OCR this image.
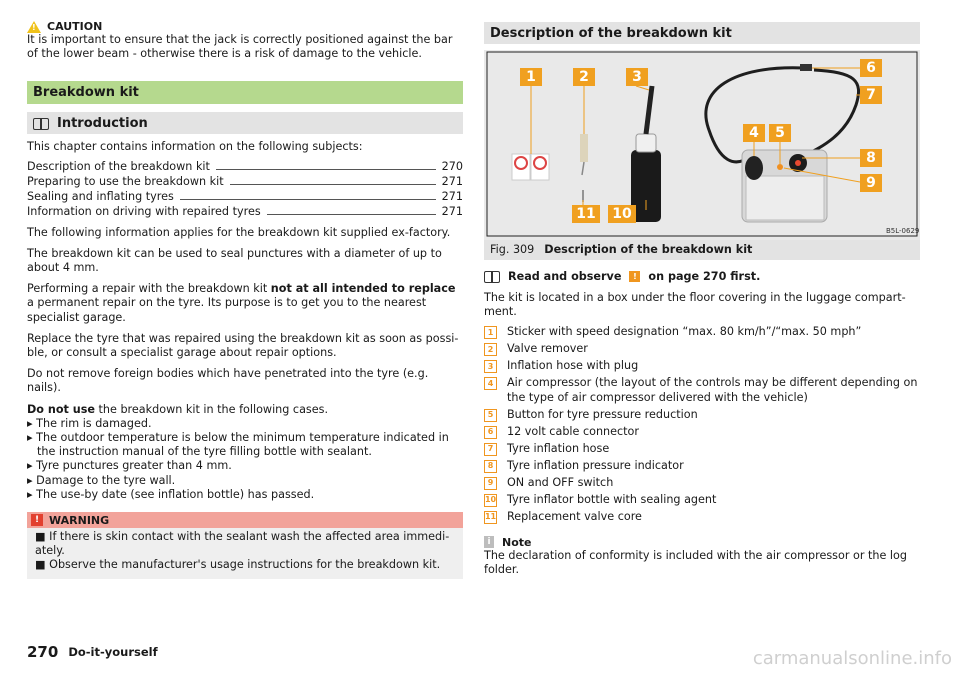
! CAUTION

It is important to ensure that the jack is correctly positioned against the bar of the lower beam - otherwise there is a risk of damage to the vehicle.

Breakdown kit
Introduction

This chapter contains information on the following subjects:

Description of the breakdown kit	270
Preparing to use the breakdown kit	271
Sealing and inflating tyres	271
Information on driving with repaired tyres	271

The following information applies for the breakdown kit supplied ex-factory.

The breakdown kit can be used to seal punctures with a diameter of up to about 4 mm.

Performing a repair with the breakdown kit not at all intended to replace a permanent repair on the tyre. Its purpose is to get you to the nearest specialist garage.

Replace the tyre that was repaired using the breakdown kit as soon as possi-ble, or consult a specialist garage about repair options.

Do not remove foreign bodies which have penetrated into the tyre (e.g. nails).

Do not use the breakdown kit in the following cases.

▸ The rim is damaged.

▸ The outdoor temperature is below the minimum temperature indicated in the instruction manual of the tyre filling bottle with sealant.

▸ Tyre punctures greater than 4 mm.

▸ Damage to the tyre wall.

▸ The use-by date (see inflation bottle) has passed.

! WARNING

■ If there is skin contact with the sealant wash the affected area immedi-ately.

■ Observe the manufacturer's usage instructions for the breakdown kit.

Description of the breakdown kit
B5L-0629
1	2	3
4	5
6
7
8
9
10
11
Fig. 309 Description of the breakdown kit
Read and observe	!	on page 270 first.

The kit is located in a box under the floor covering in the luggage compart-ment.

1	Sticker with speed designation “max. 80 km/h”/“max. 50 mph”
2	Valve remover
3	Inflation hose with plug
4	Air compressor (the layout of the controls may be different depending on the type of air compressor delivered with the vehicle)
5	Button for tyre pressure reduction
6	12 volt cable connector
7	Tyre inflation hose
8	Tyre inflation pressure indicator
9	ON and OFF switch
10 Tyre inflator bottle with sealing agent
11 Replacement valve core
i	Note

The declaration of conformity is included with the air compressor or the log folder.

270 Do-it-yourself	carmanualsonline.info
